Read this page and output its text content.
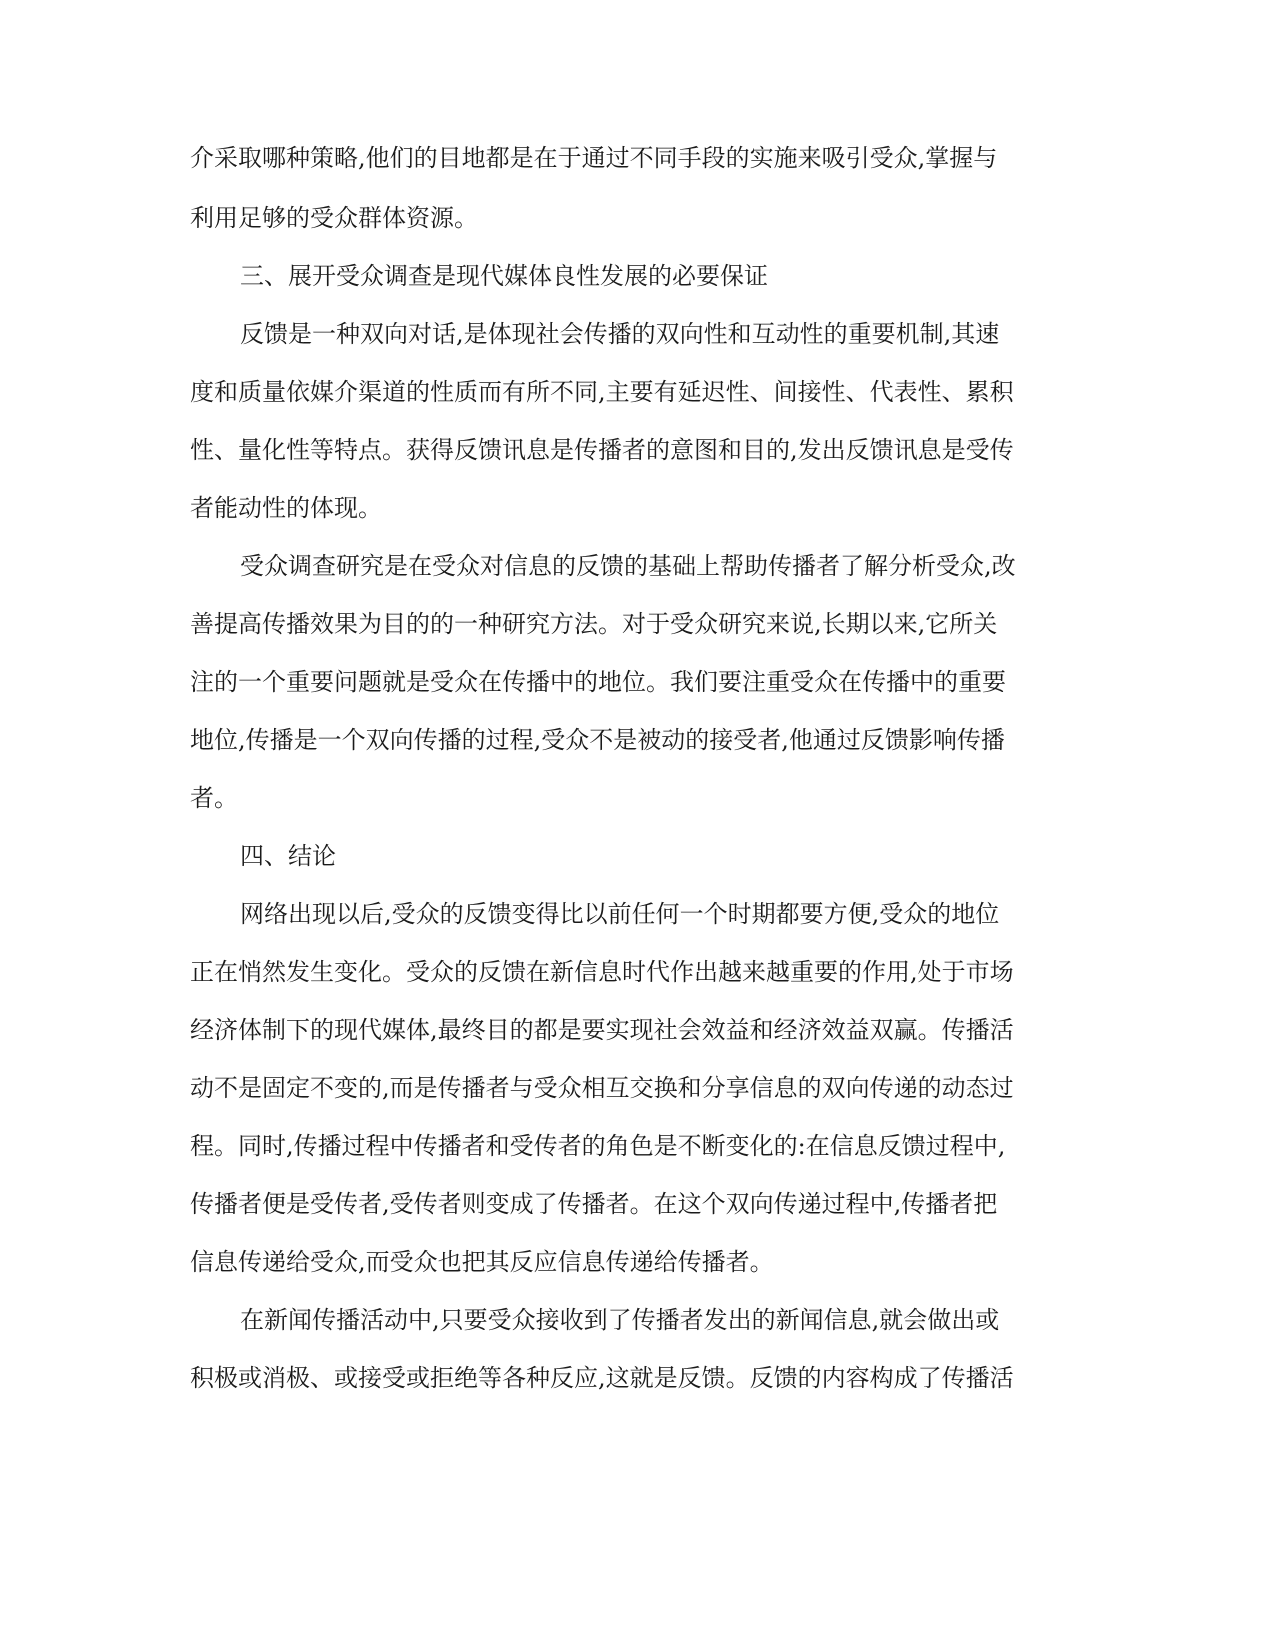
介采取哪种策略,他们的目地都是在于通过不同手段的实施来吸引受众,掌握与
利用足够的受众群体资源。
三、展开受众调查是现代媒体良性发展的必要保证
反馈是一种双向对话,是体现社会传播的双向性和互动性的重要机制,其速
度和质量依媒介渠道的性质而有所不同,主要有延迟性、间接性、代表性、累积
性、量化性等特点。获得反馈讯息是传播者的意图和目的,发出反馈讯息是受传
者能动性的体现。
受众调查研究是在受众对信息的反馈的基础上帮助传播者了解分析受众,改
善提高传播效果为目的的一种研究方法。对于受众研究来说,长期以来,它所关
注的一个重要问题就是受众在传播中的地位。我们要注重受众在传播中的重要
地位,传播是一个双向传播的过程,受众不是被动的接受者,他通过反馈影响传播
者。
四、结论
网络出现以后,受众的反馈变得比以前任何一个时期都要方便,受众的地位
正在悄然发生变化。受众的反馈在新信息时代作出越来越重要的作用,处于市场
经济体制下的现代媒体,最终目的都是要实现社会效益和经济效益双赢。传播活
动不是固定不变的,而是传播者与受众相互交换和分享信息的双向传递的动态过
程。同时,传播过程中传播者和受传者的角色是不断变化的:在信息反馈过程中,
传播者便是受传者,受传者则变成了传播者。在这个双向传递过程中,传播者把
信息传递给受众,而受众也把其反应信息传递给传播者。
在新闻传播活动中,只要受众接收到了传播者发出的新闻信息,就会做出或
积极或消极、或接受或拒绝等各种反应,这就是反馈。反馈的内容构成了传播活
